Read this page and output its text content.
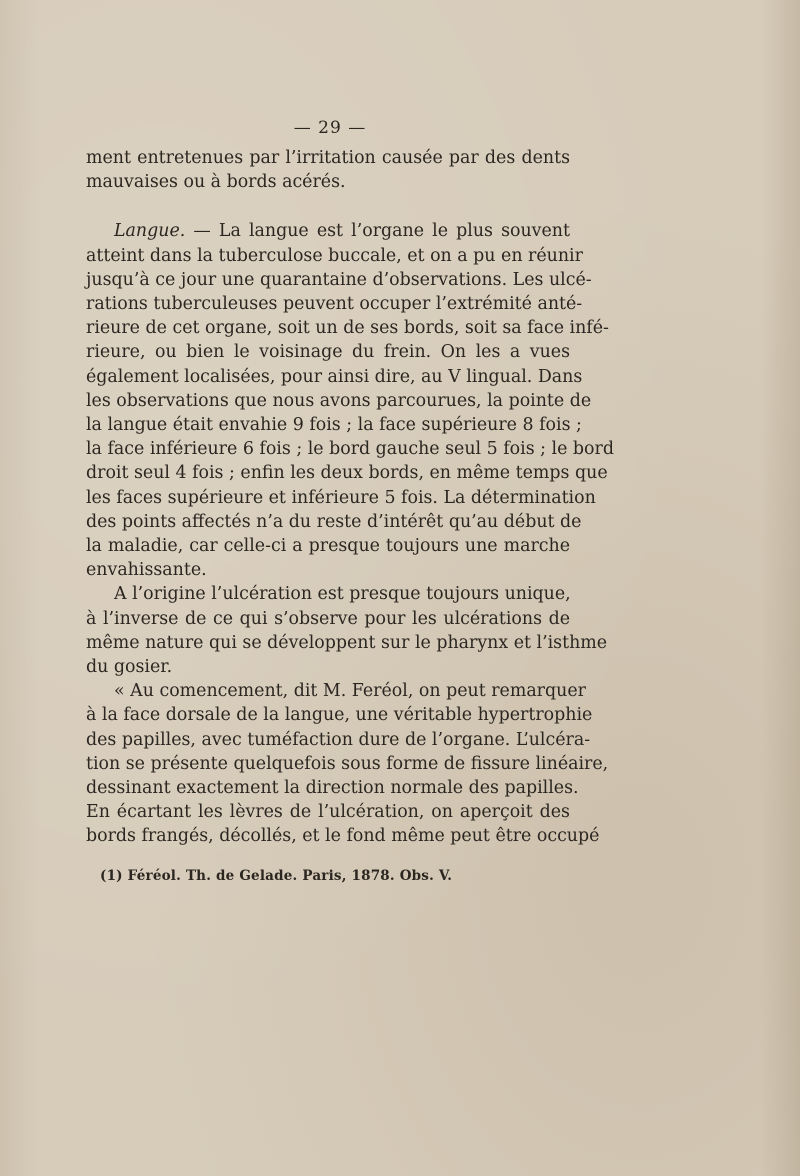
— 29 —
ment entretenues par l’irritation causée par des dents
mauvaises ou à bords acérés.
Langue. — La langue est l’organe le plus souvent
atteint dans la tuberculose buccale, et on a pu en réunir
jusqu’à ce jour une quarantaine d’observations. Les ulcé-
rations tuberculeuses peuvent occuper l’extrémité anté-
rieure de cet organe, soit un de ses bords, soit sa face infé-
rieure, ou bien le voisinage du frein. On les a vues
également localisées, pour ainsi dire, au V lingual. Dans
les observations que nous avons parcourues, la pointe de
la langue était envahie 9 fois ; la face supérieure 8 fois ;
la face inférieure 6 fois ; le bord gauche seul 5 fois ; le bord
droit seul 4 fois ; enfin les deux bords, en même temps que
les faces supérieure et inférieure 5 fois. La détermination
des points affectés n’a du reste d’intérêt qu’au début de
la maladie, car celle-ci a presque toujours une marche
envahissante.
A l’origine l’ulcération est presque toujours unique,
à l’inverse de ce qui s’observe pour les ulcérations de
même nature qui se développent sur le pharynx et l’isthme
du gosier.
« Au comencement, dit M. Feréol, on peut remarquer
à la face dorsale de la langue, une véritable hypertrophie
des papilles, avec tuméfaction dure de l’organe. L’ulcéra-
tion se présente quelquefois sous forme de fissure linéaire,
dessinant exactement la direction normale des papilles.
En écartant les lèvres de l’ulcération, on aperçoit des
bords frangés, décollés, et le fond même peut être occupé
(1) Féréol. Th. de Gelade. Paris, 1878. Obs. V.
